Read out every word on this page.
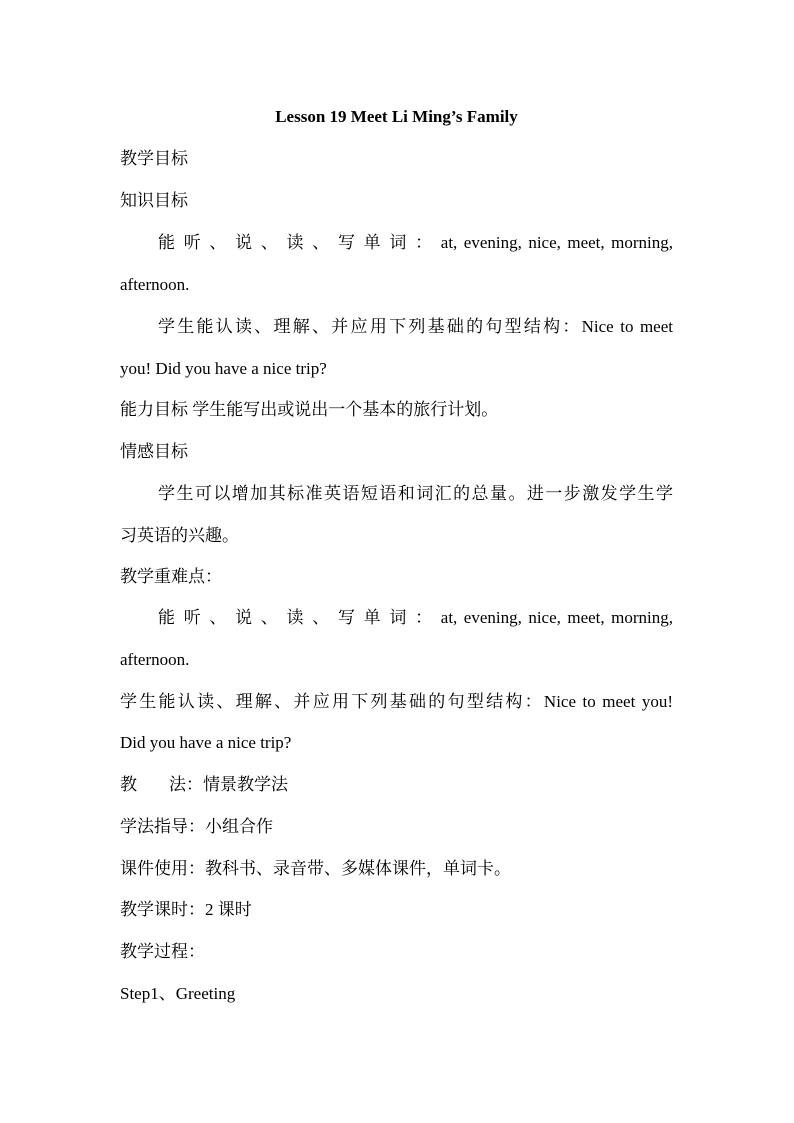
Lesson 19 Meet Li Ming’s Family
教学目标
知识目标
能 听 、 说 、 读 、 写 单 词 ： at, evening, nice, meet, morning,
afternoon.
学生能认读、理解、并应用下列基础的句型结构：Nice to meet
you! Did you have a nice trip?
能力目标 学生能写出或说出一个基本的旅行计划。
情感目标
学生可以增加其标准英语短语和词汇的总量。进一步激发学生学
习英语的兴趣。
教学重难点：
能 听 、 说 、 读 、 写 单 词 ： at, evening, nice, meet, morning,
afternoon.
学生能认读、理解、并应用下列基础的句型结构：Nice to meet you!
Did you have a nice trip?
教 法：情景教学法
学法指导：小组合作
课件使用：教科书、录音带、多媒体课件，单词卡。
教学课时：2 课时
教学过程：
Step1、Greeting
